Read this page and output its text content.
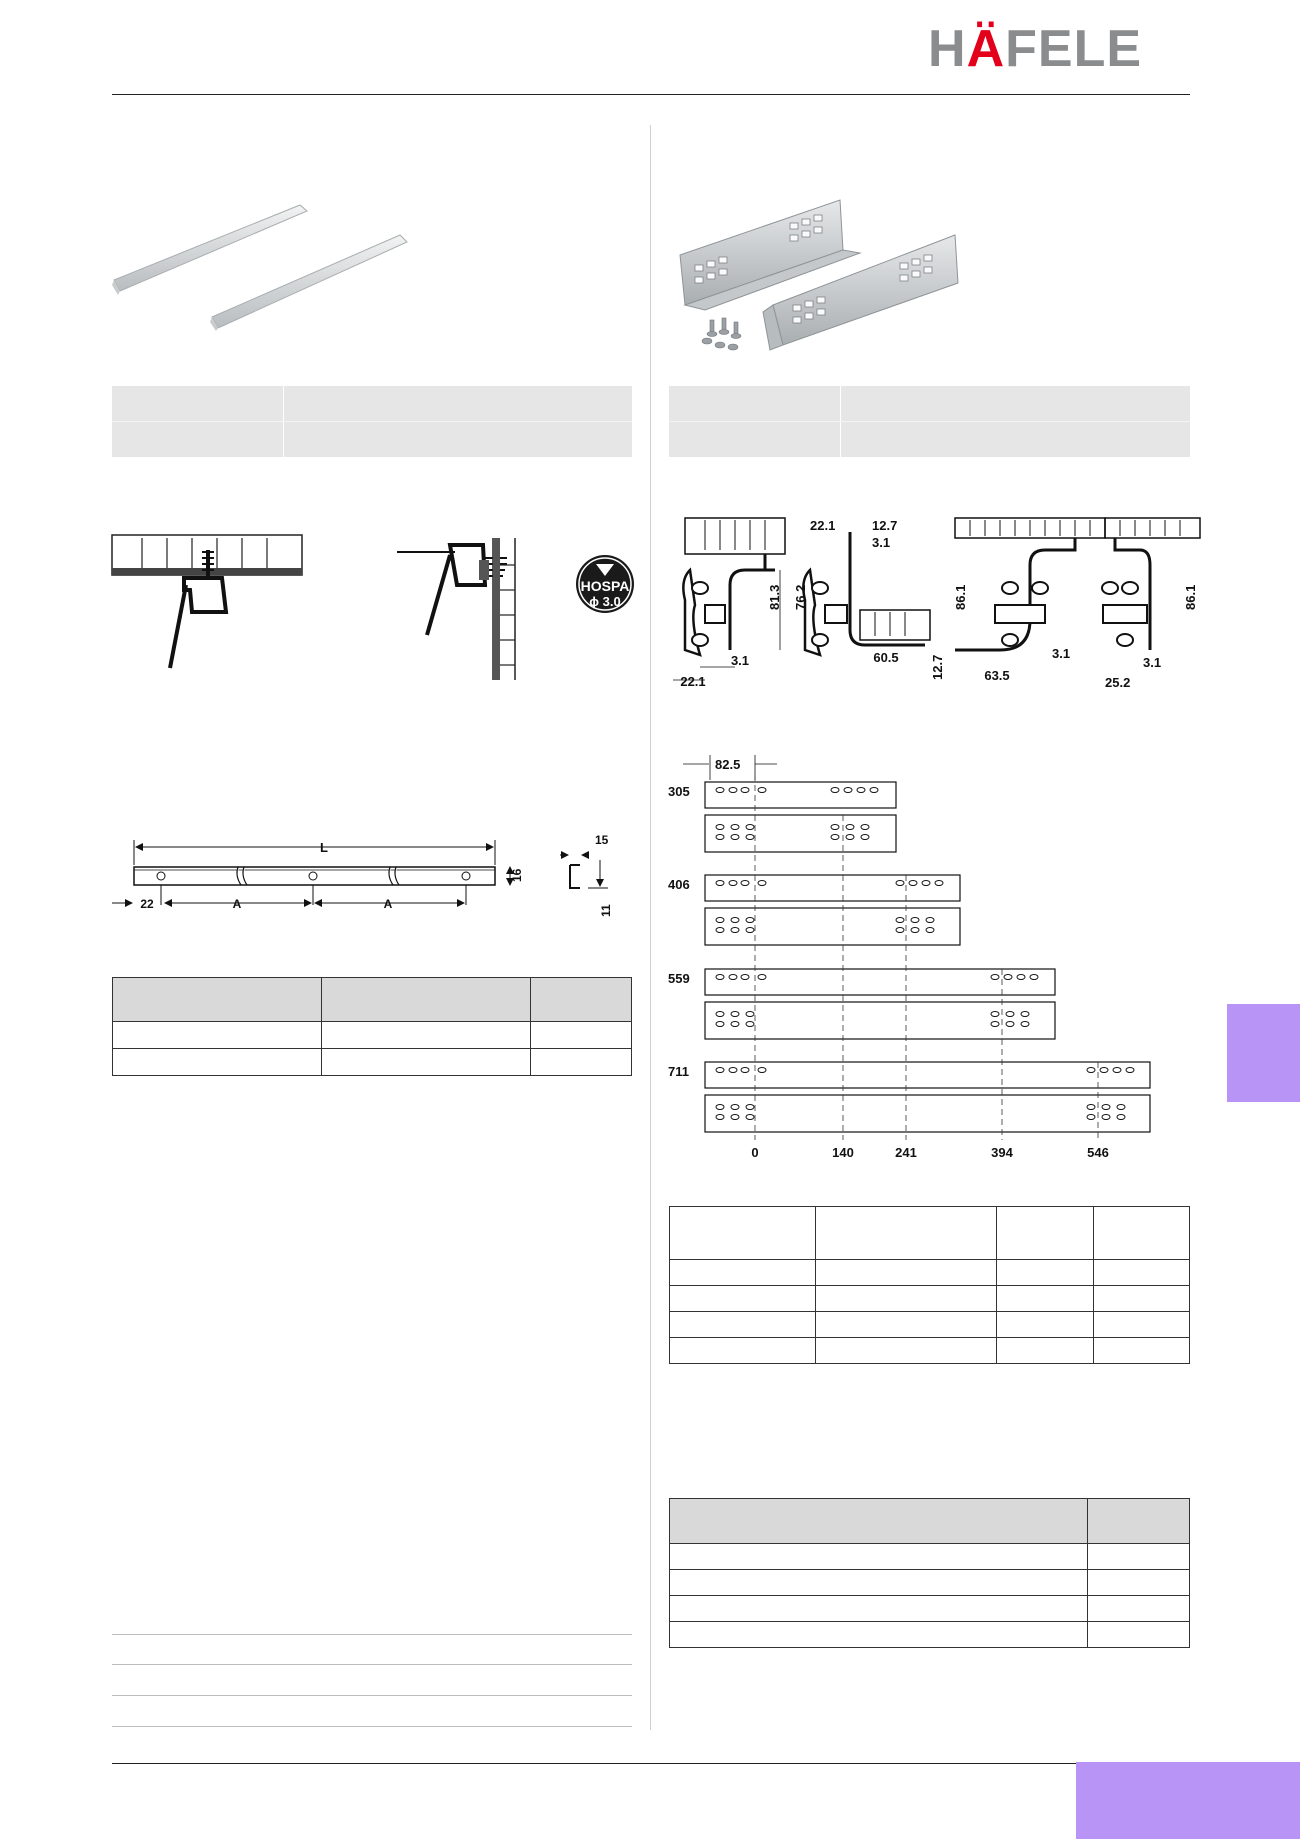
HÄFELE
HOSPA
ϕ 3.0
L
22	A	A
16
15
11

81.3
22.1
3.1
22.1	12.7
3.1
76.2
60.5 12.7
86.1
63.5
3.1
86.1
25.2
3.1
82.5
305
406
559
711
0	140	241	394	546
